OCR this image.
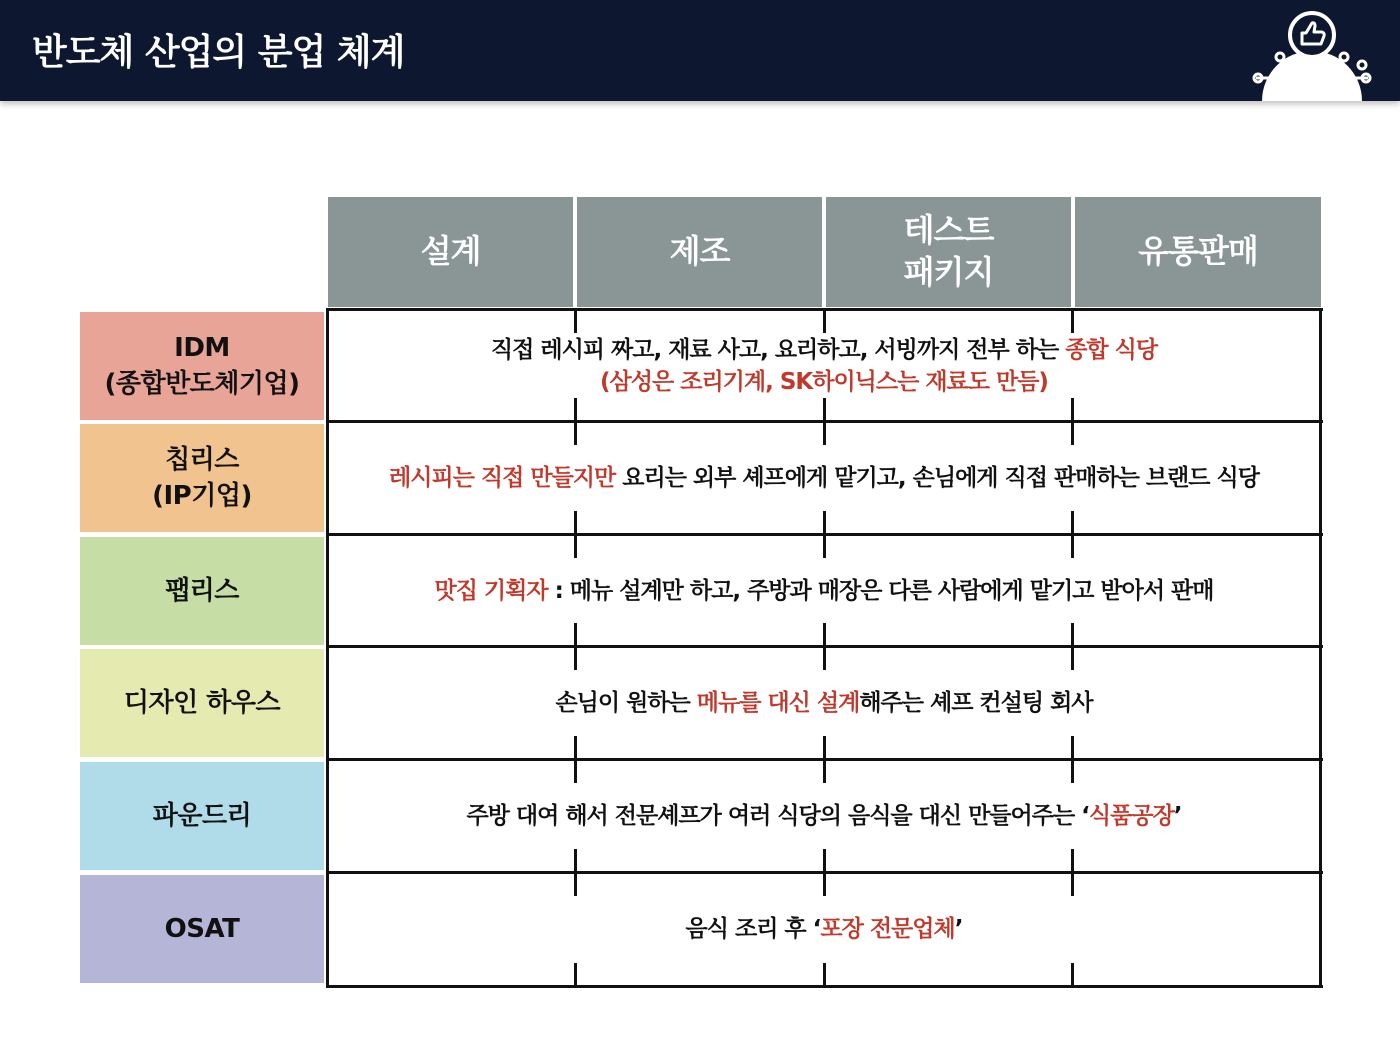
반도체 산업의 분업 체계
설계	제조
테스트
패키지
유통판매
IDM
(종합반도체기업)
칩리스
(IP기업)
팹리스
디자인 하우스
파운드리
OSAT
직접 레시피 짜고, 재료 사고, 요리하고, 서빙까지 전부 하는 종합 식당
(삼성은 조리기계, SK하이닉스는 재료도 만듬)
레시피는 직접 만들지만 요리는 외부 셰프에게 맡기고, 손님에게 직접 판매하는 브랜드 식당
맛집 기획자 : 메뉴 설계만 하고, 주방과 매장은 다른 사람에게 맡기고 받아서 판매
손님이 원하는 메뉴를 대신 설계해주는 셰프 컨설팅 회사
주방 대여 해서 전문셰프가 여러 식당의 음식을 대신 만들어주는 ‘식품공장’
음식 조리 후 ‘포장 전문업체’
